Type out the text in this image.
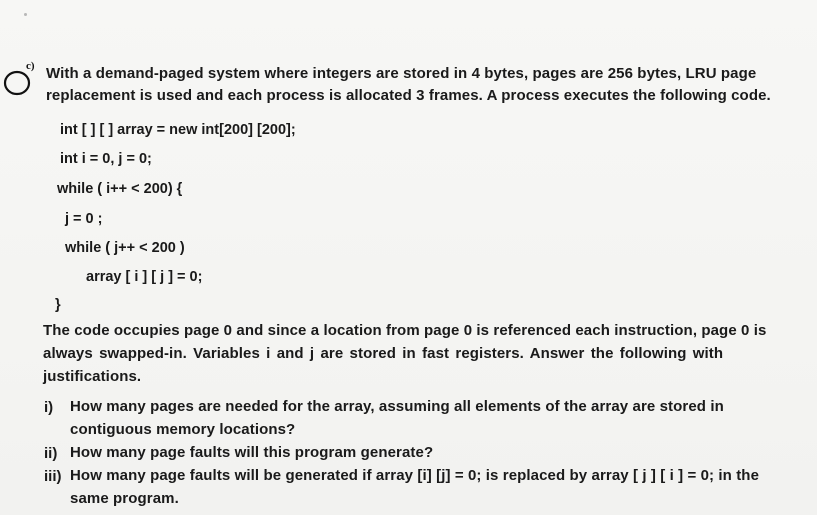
c) With a demand-paged system where integers are stored in 4 bytes, pages are 256 bytes, LRU page
replacement is used and each process is allocated 3 frames. A process executes the following code.
int [ ] [ ] array = new int[200] [200];
int i = 0, j = 0;
while ( i++ < 200) {
j = 0 ;
while ( j++ < 200 )
array [ i ] [ j ] = 0;
}
The code occupies page 0 and since a location from page 0 is referenced each instruction, page 0 is
always swapped-in. Variables i and j are stored in fast registers. Answer the following with
justifications.
i) How many pages are needed for the array, assuming all elements of the array are stored in
contiguous memory locations?
ii) How many page faults will this program generate?
iii) How many page faults will be generated if array [i] [j] = 0; is replaced by array [ j ] [ i ] = 0; in the
same program.
